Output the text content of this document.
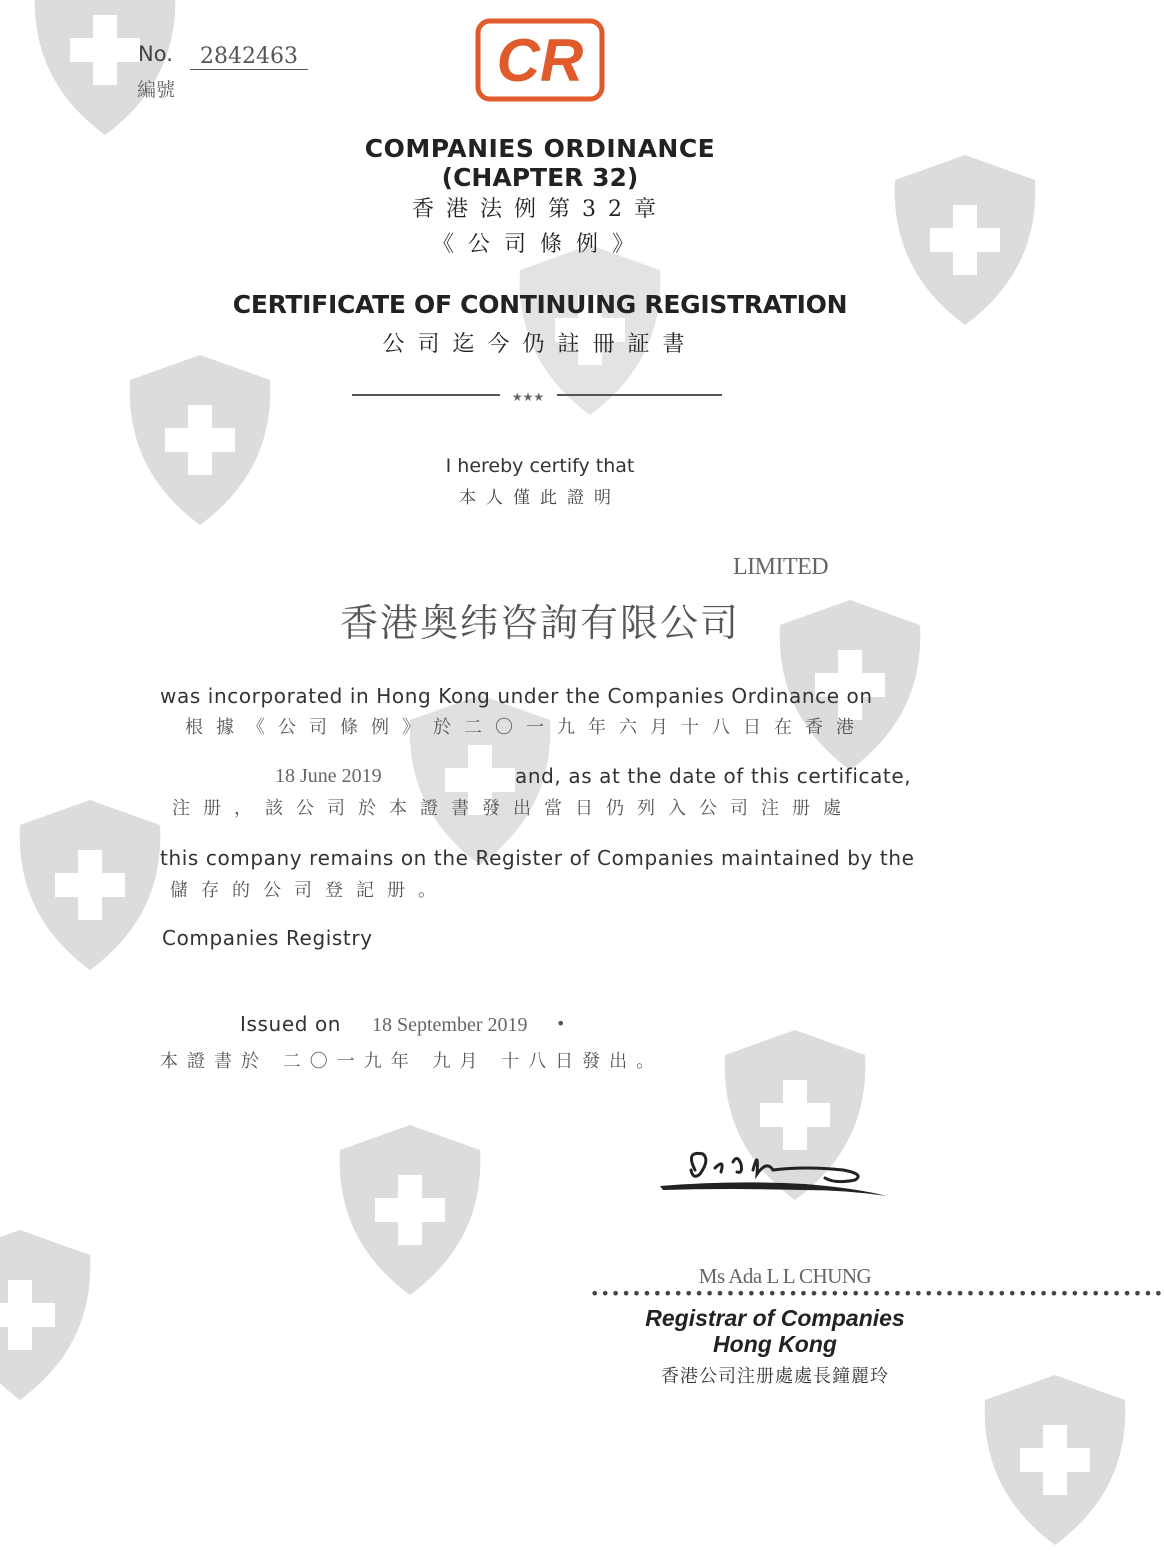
No.	2842463
編號	CR
COMPANIES ORDINANCE
(CHAPTER 32)
香港法例第32章
《公司條例》
CERTIFICATE OF CONTINUING REGISTRATION
公司迄今仍註冊証書
★★★
I hereby certify that
本人僅此證明
LIMITED
香港奥纬咨詢有限公司
was incorporated in Hong Kong under the Companies Ordinance on
根據《公司條例》於二〇一九年六月十八日在香港
18 June 2019	and, as at the date of this certificate,
注册，該公司於本證書發出當日仍列入公司注册處
this company remains on the Register of Companies maintained by the
儲存的公司登記册。
Companies Registry
Issued on 18 September 2019 •
本證書於 二〇一九年 九月 十八日發出。
Ms Ada L L CHUNG
•••••••••••••••••••••••••••••••••••••••••••••••••••••••
Registrar of Companies
Hong Kong
香港公司注册處處長鐘麗玲
